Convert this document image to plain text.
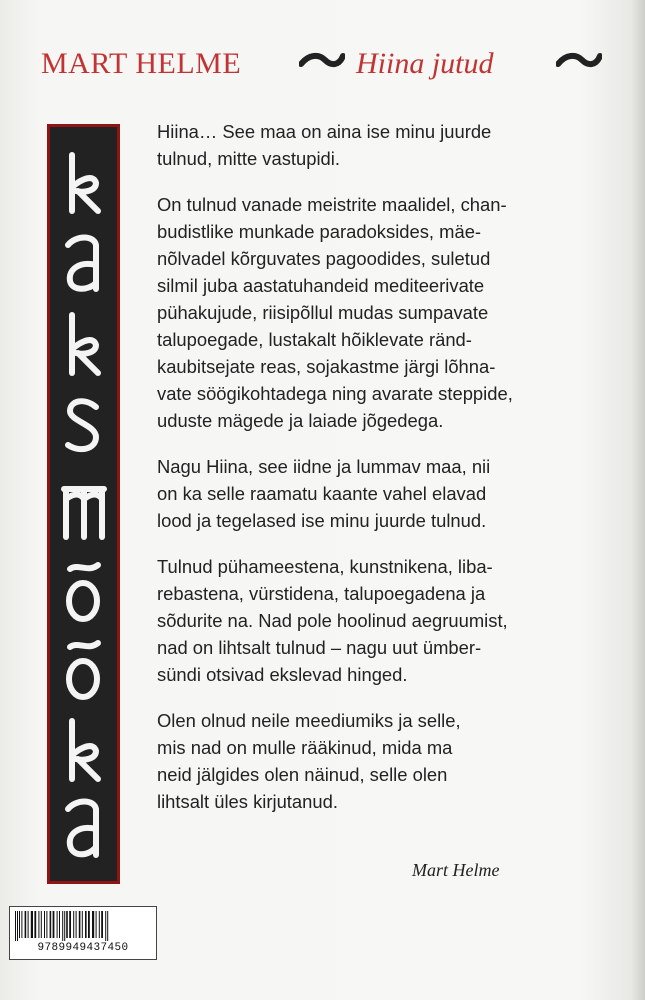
MART HELME	Hiina jutud

Hiina… See maa on aina ise minu juurde
tulnud, mitte vastupidi.

On tulnud vanade meistrite maalidel, chan-
budistlike munkade paradoksides, mäe-
nõlvadel kõrguvates pagoodides, suletud
silmil juba aastatuhandeid mediteerivate
pühakujude, riisipõllul mudas sumpavate
talupoegade, lustakalt hõiklevate ränd-
kaubitsejate reas, sojakastme järgi lõhna-
vate söögikohtadega ning avarate steppide,
uduste mägede ja laiade jõgedega.

Nagu Hiina, see iidne ja lummav maa, nii
on ka selle raamatu kaante vahel elavad
lood ja tegelased ise minu juurde tulnud.

Tulnud pühameestena, kunstnikena, liba-
rebastena, vürstidena, talupoegadena ja
sõdurite na. Nad pole hoolinud aegruumist,
nad on lihtsalt tulnud – nagu uut ümber-
sündi otsivad ekslevad hinged.

Olen olnud neile meediumiks ja selle,
mis nad on mulle rääkinud, mida ma
neid jälgides olen näinud, selle olen
lihtsalt üles kirjutanud.

Mart Helme
9789949437450
